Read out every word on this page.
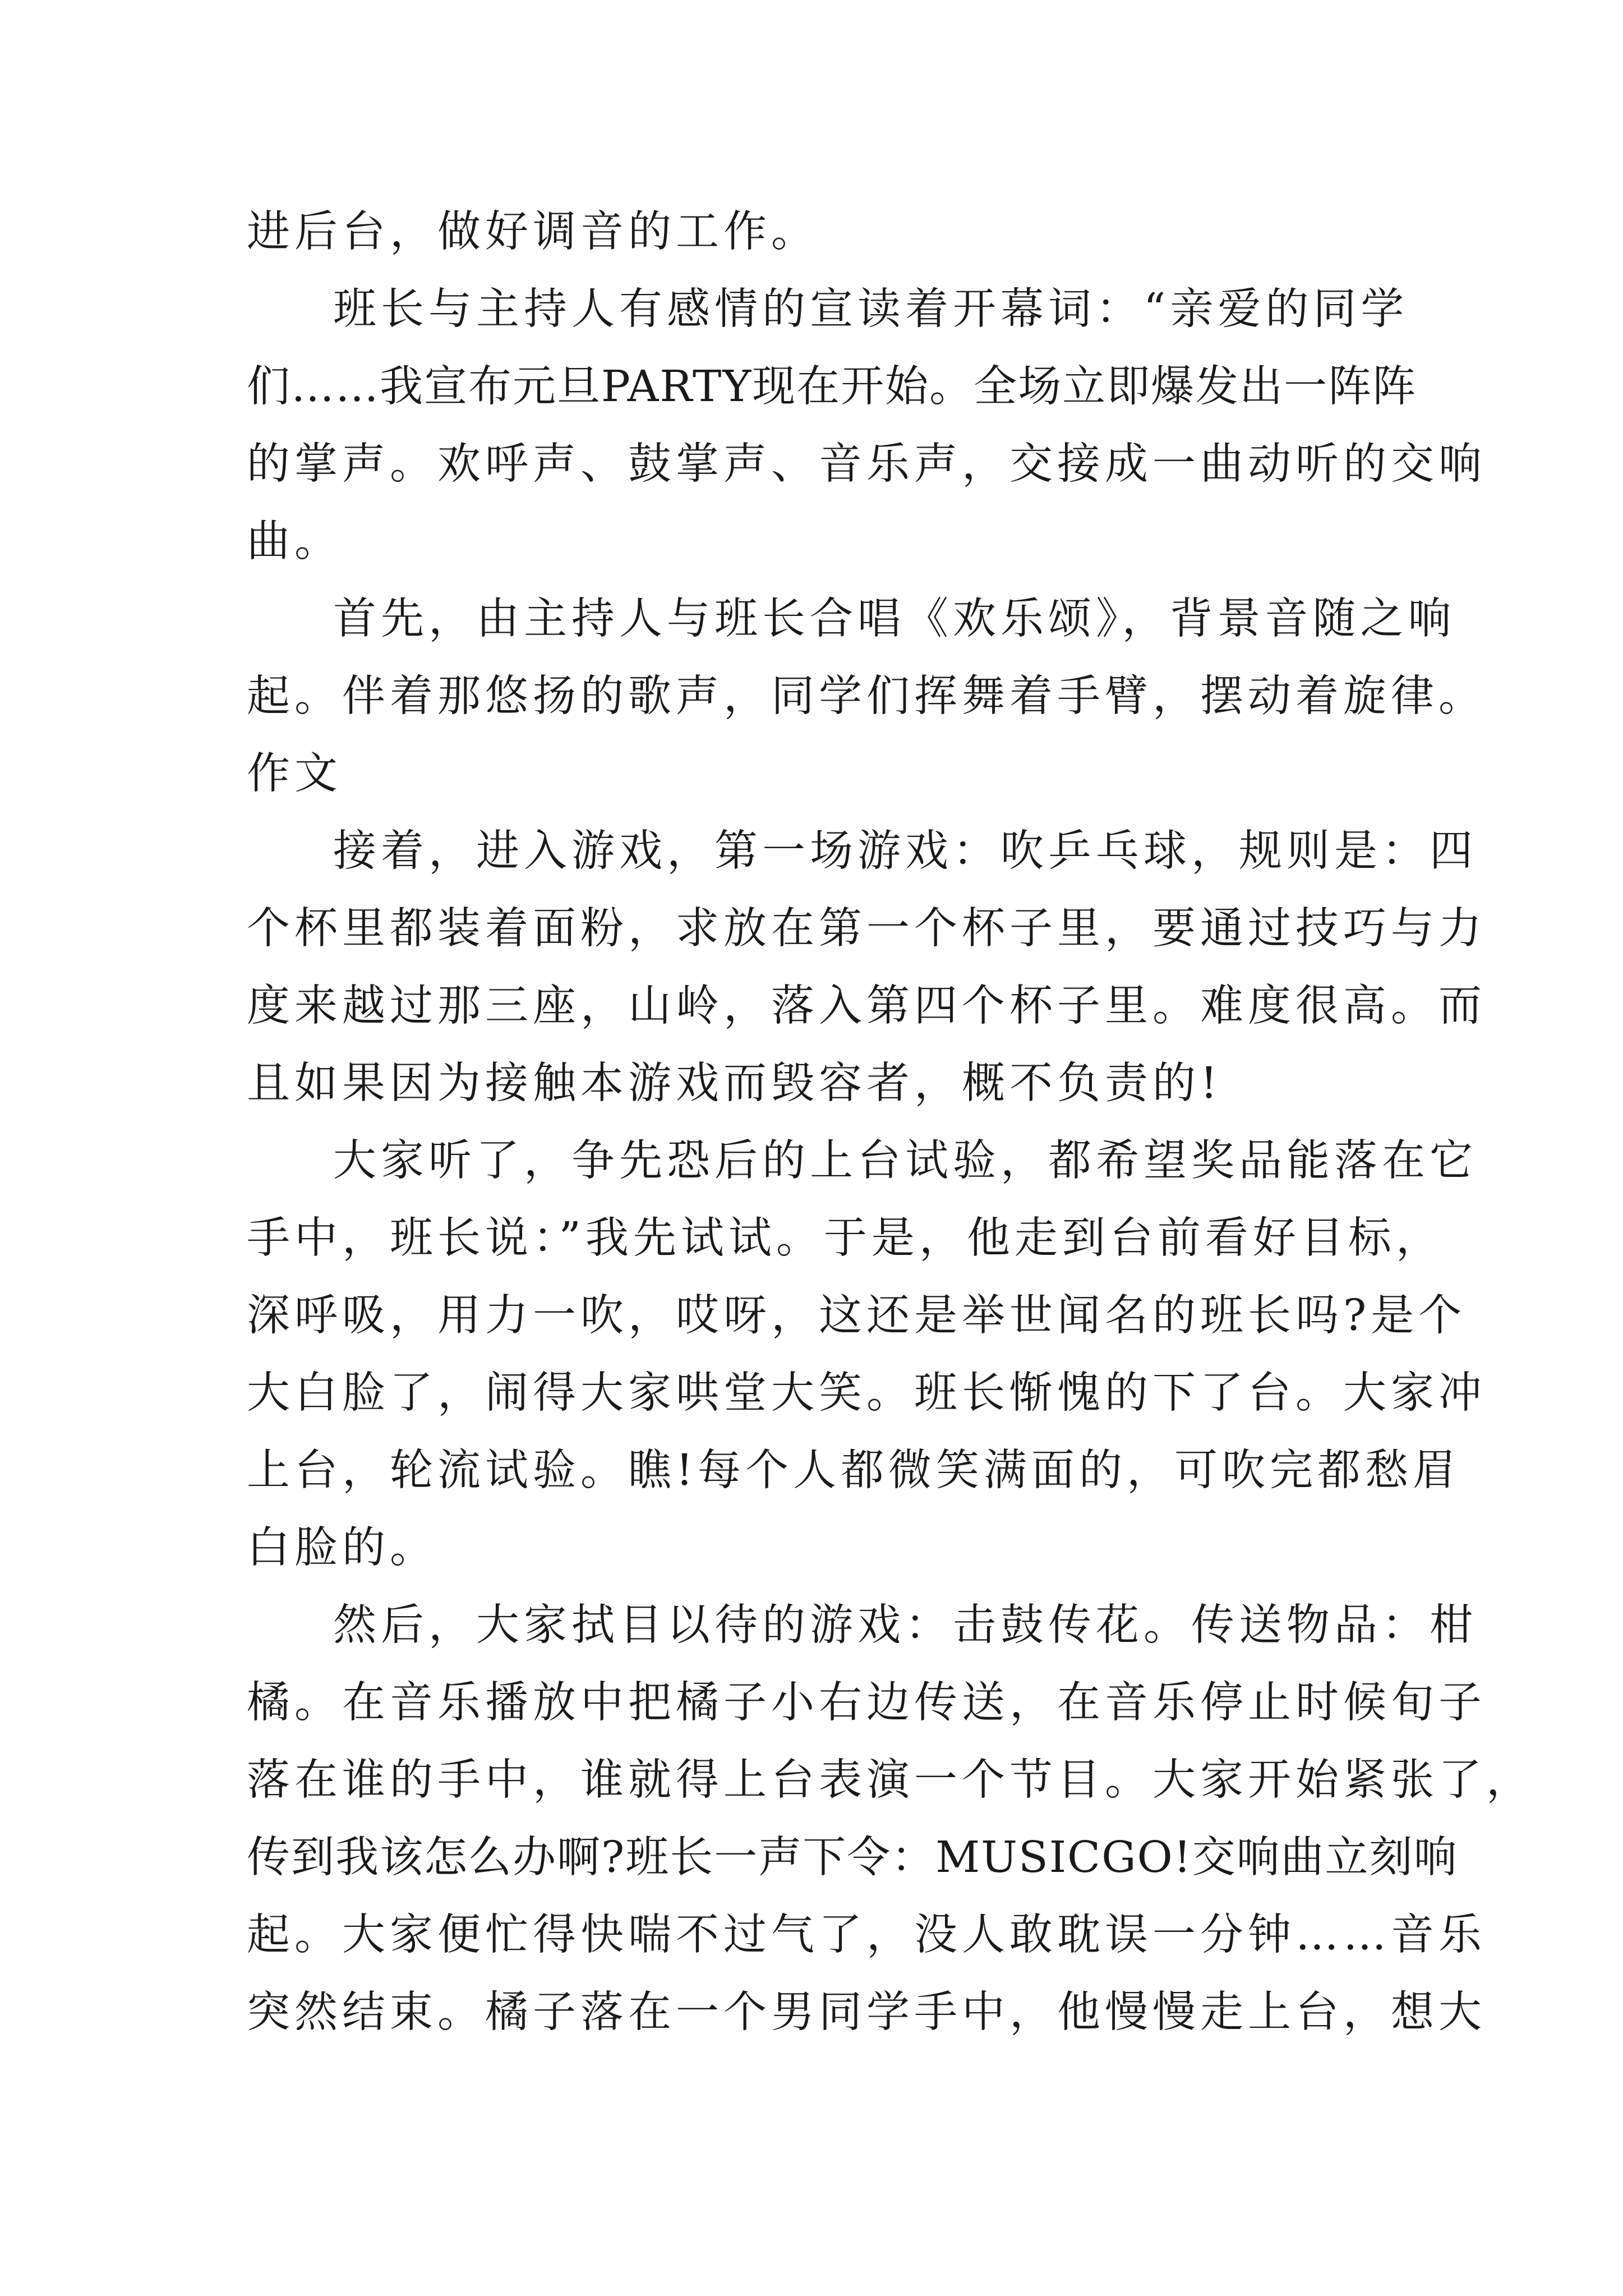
进后台，做好调音的工作。
班长与主持人有感情的宣读着开幕词：“亲爱的同学
们……我宣布元旦PARTY现在开始。全场立即爆发出一阵阵
的掌声。欢呼声、鼓掌声、音乐声，交接成一曲动听的交响
曲。
首先，由主持人与班长合唱《欢乐颂》，背景音随之响
起。伴着那悠扬的歌声，同学们挥舞着手臂，摆动着旋律。
作文
接着，进入游戏，第一场游戏：吹乒乓球，规则是：四
个杯里都装着面粉，求放在第一个杯子里，要通过技巧与力
度来越过那三座，山岭，落入第四个杯子里。难度很高。而
且如果因为接触本游戏而毁容者，概不负责的!
大家听了，争先恐后的上台试验，都希望奖品能落在它
手中，班长说：”我先试试。于是，他走到台前看好目标，
深呼吸，用力一吹，哎呀，这还是举世闻名的班长吗?是个
大白脸了，闹得大家哄堂大笑。班长惭愧的下了台。大家冲
上台，轮流试验。瞧!每个人都微笑满面的，可吹完都愁眉
白脸的。
然后，大家拭目以待的游戏：击鼓传花。传送物品：柑
橘。在音乐播放中把橘子小右边传送，在音乐停止时候旬子
落在谁的手中，谁就得上台表演一个节目。大家开始紧张了，
传到我该怎么办啊?班长一声下令：MUSICGO!交响曲立刻响
起。大家便忙得快喘不过气了，没人敢耽误一分钟……音乐
突然结束。橘子落在一个男同学手中，他慢慢走上台，想大
